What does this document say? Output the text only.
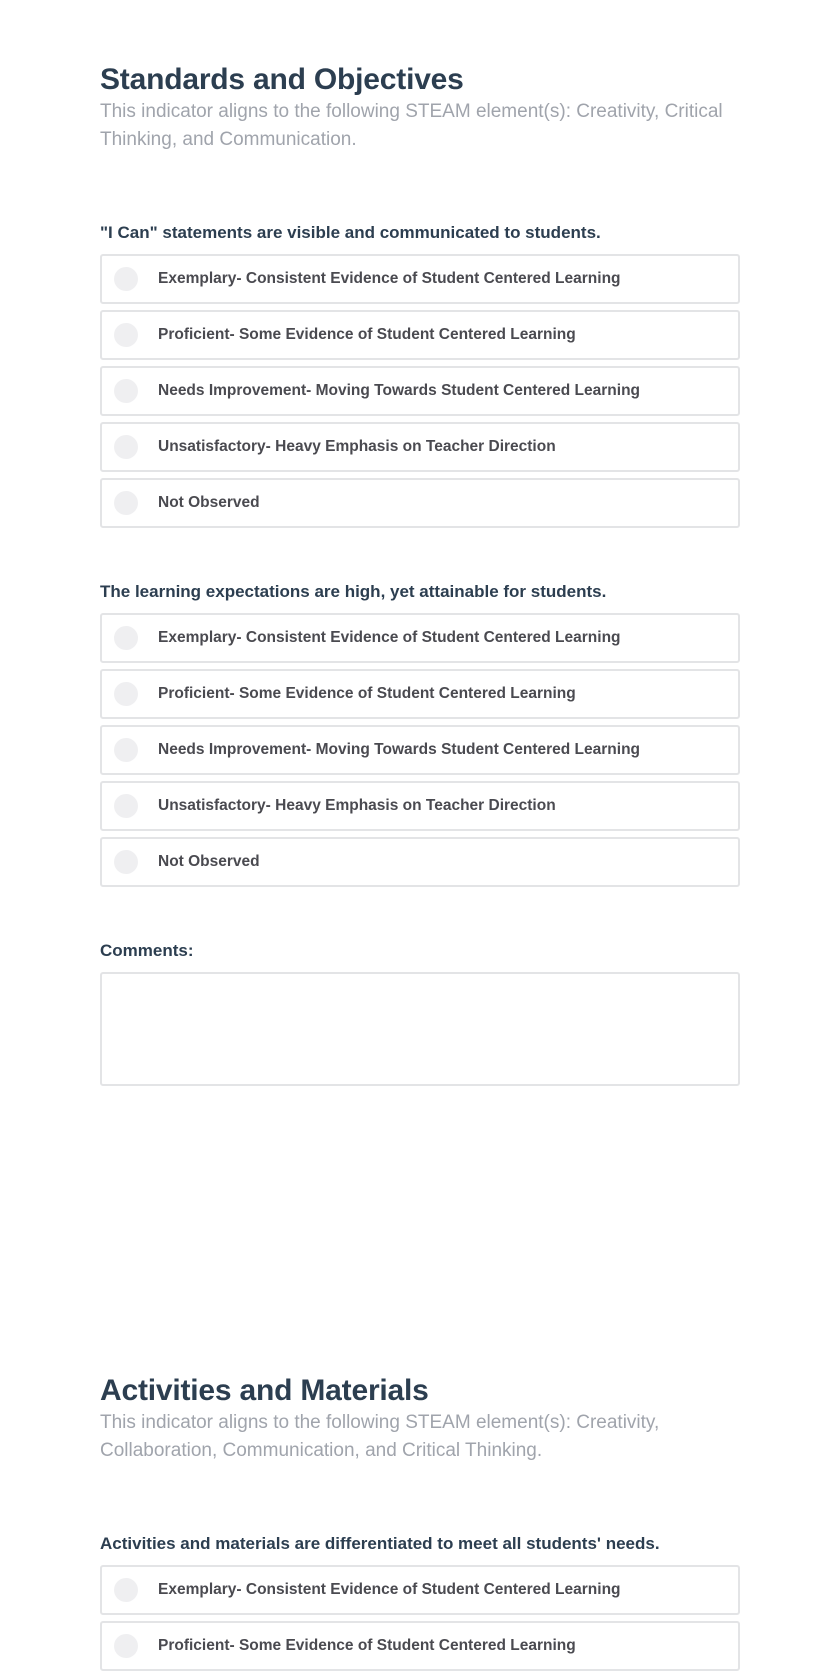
Standards and Objectives

This indicator aligns to the following STEAM element(s): Creativity, Critical Thinking, and Communication.

"I Can" statements are visible and communicated to students.
Exemplary- Consistent Evidence of Student Centered Learning
Proficient- Some Evidence of Student Centered Learning
Needs Improvement- Moving Towards Student Centered Learning
Unsatisfactory- Heavy Emphasis on Teacher Direction
Not Observed
The learning expectations are high, yet attainable for students.
Exemplary- Consistent Evidence of Student Centered Learning
Proficient- Some Evidence of Student Centered Learning
Needs Improvement- Moving Towards Student Centered Learning
Unsatisfactory- Heavy Emphasis on Teacher Direction
Not Observed
Comments:
Activities and Materials

This indicator aligns to the following STEAM element(s): Creativity, Collaboration, Communication, and Critical Thinking.

Activities and materials are differentiated to meet all students' needs.
Exemplary- Consistent Evidence of Student Centered Learning
Proficient- Some Evidence of Student Centered Learning
